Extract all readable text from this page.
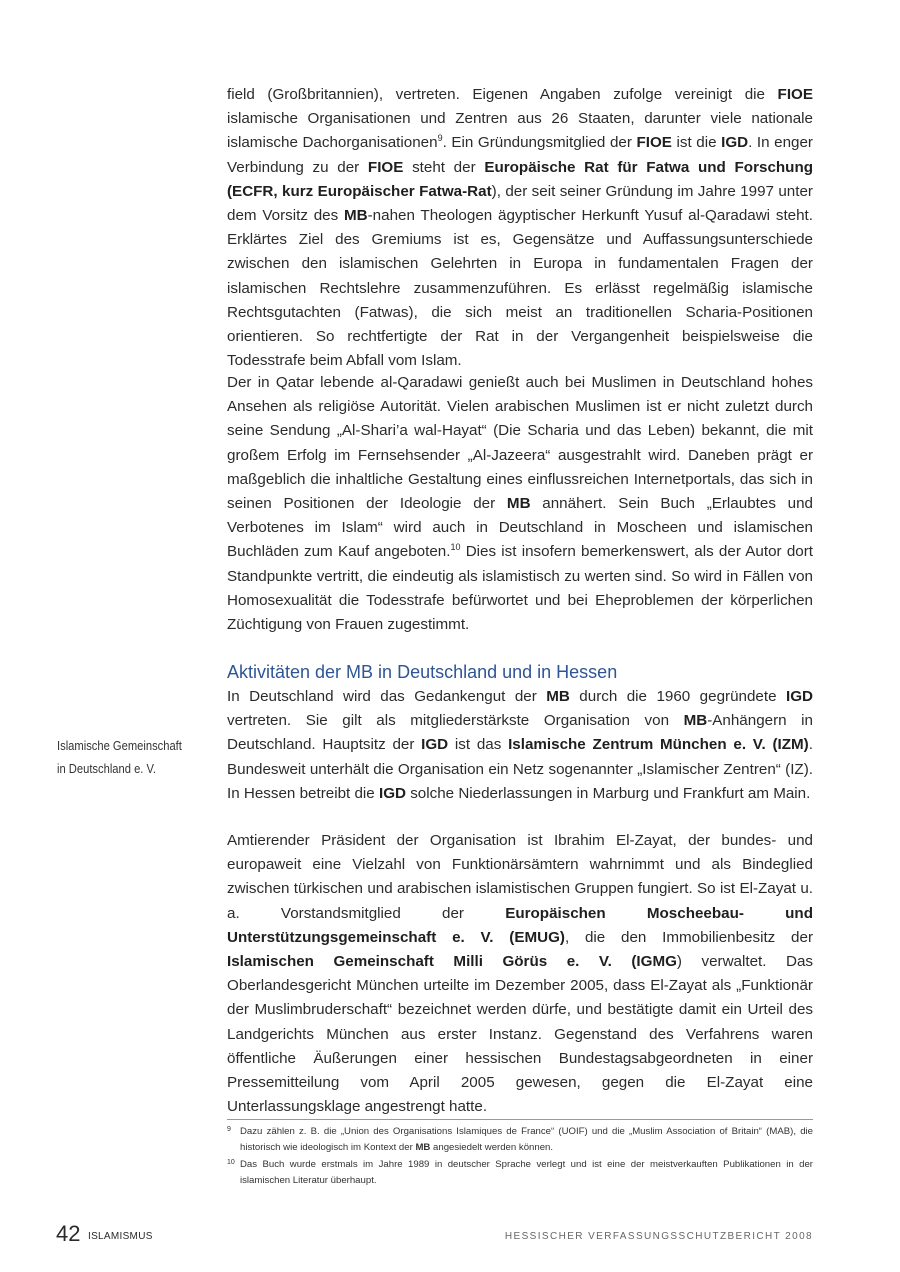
field (Großbritannien), vertreten. Eigenen Angaben zufolge vereinigt die FIOE islamische Organisationen und Zentren aus 26 Staaten, darunter viele nationale islamische Dachorganisationen$^9$. Ein Gründungsmitglied der FIOE ist die IGD. In enger Verbindung zu der FIOE steht der Europäische Rat für Fatwa und Forschung (ECFR, kurz Europäischer Fatwa-Rat), der seit seiner Gründung im Jahre 1997 unter dem Vorsitz des MB-nahen Theologen ägyptischer Herkunft Yusuf al-Qaradawi steht. Erklärtes Ziel des Gremiums ist es, Gegensätze und Auffassungsunterschiede zwischen den islamischen Gelehrten in Europa in fundamentalen Fragen der islamischen Rechtslehre zusammenzuführen. Es erlässt regelmäßig islamische Rechtsgutachten (Fatwas), die sich meist an traditionellen Scharia-Positionen orientieren. So rechtfertigte der Rat in der Vergangenheit beispielsweise die Todesstrafe beim Abfall vom Islam.

Der in Qatar lebende al-Qaradawi genießt auch bei Muslimen in Deutschland hohes Ansehen als religiöse Autorität. Vielen arabischen Muslimen ist er nicht zuletzt durch seine Sendung „Al-Shari’a wal-Hayat“ (Die Scharia und das Leben) bekannt, die mit großem Erfolg im Fernsehsender „Al-Jazeera“ ausgestrahlt wird. Daneben prägt er maßgeblich die inhaltliche Gestaltung eines einflussreichen Internetportals, das sich in seinen Positionen der Ideologie der MB annähert. Sein Buch „Erlaubtes und Verbotenes im Islam“ wird auch in Deutschland in Moscheen und islamischen Buchläden zum Kauf angeboten.$^{10}$ Dies ist insofern bemerkenswert, als der Autor dort Standpunkte vertritt, die eindeutig als islamistisch zu werten sind. So wird in Fällen von Homosexualität die Todesstrafe befürwortet und bei Eheproblemen der körperlichen Züchtigung von Frauen zugestimmt.

Aktivitäten der MB in Deutschland und in Hessen

In Deutschland wird das Gedankengut der MB durch die 1960 gegründete IGD vertreten. Sie gilt als mitgliederstärkste Organisation von MB-Anhängern in Deutschland. Hauptsitz der IGD ist das Islamische Zentrum München e. V. (IZM). Bundesweit unterhält die Organisation ein Netz sogenannter „Islamischer Zentren“ (IZ). In Hessen betreibt die IGD solche Niederlassungen in Marburg und Frankfurt am Main.

Amtierender Präsident der Organisation ist Ibrahim El-Zayat, der bundes- und europaweit eine Vielzahl von Funktionärsämtern wahrnimmt und als Bindeglied zwischen türkischen und arabischen islamistischen Gruppen fungiert. So ist El-Zayat u. a. Vorstandsmitglied der Europäischen Moscheebau- und Unterstützungsgemeinschaft e. V. (EMUG), die den Immobilienbesitz der Islamischen Gemeinschaft Milli Görüs e. V. (IGMG) verwaltet. Das Oberlandesgericht München urteilte im Dezember 2005, dass El-Zayat als „Funktionär der Muslimbruderschaft“ bezeichnet werden dürfe, und bestätigte damit ein Urteil des Landgerichts München aus erster Instanz. Gegenstand des Verfahrens waren öffentliche Äußerungen einer hessischen Bundestagsabgeordneten in einer Pressemitteilung vom April 2005 gewesen, gegen die El-Zayat eine Unterlassungsklage angestrengt hatte.

Islamische Gemeinschaft
in Deutschland e. V.
9 Dazu zählen z. B. die „Union des Organisations Islamiques de France“ (UOIF) und die „Muslim Association of Britain“ (MAB), die historisch wie ideologisch im Kontext der MB angesiedelt werden können.
10 Das Buch wurde erstmals im Jahre 1989 in deutscher Sprache verlegt und ist eine der meistverkauften Publikationen in der islamischen Literatur überhaupt.
42 ISLAMISMUS	HESSISCHER VERFASSUNGSSCHUTZBERICHT 2008
